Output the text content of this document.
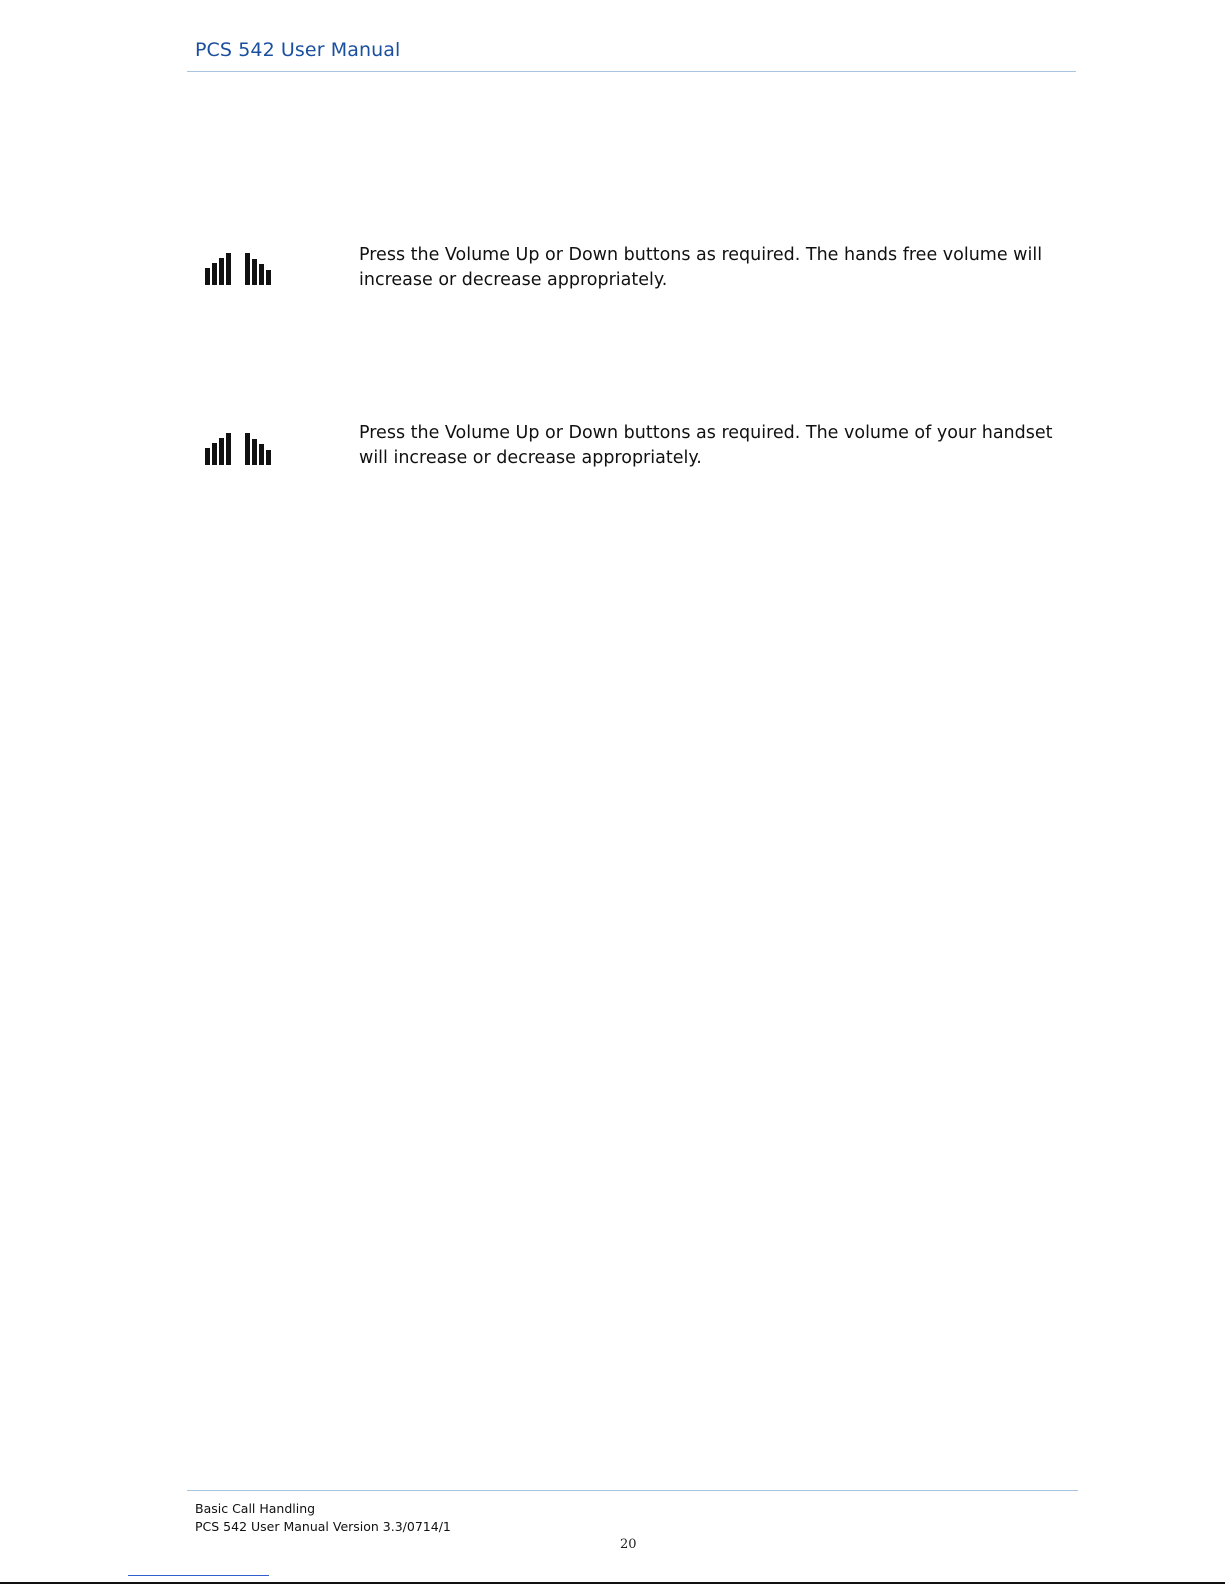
PCS 542 User Manual
Press the Volume Up or Down buttons as required. The hands free volume will increase or decrease appropriately.
Press the Volume Up or Down buttons as required. The volume of your handset will increase or decrease appropriately.
Basic Call Handling
PCS 542 User Manual Version 3.3/0714/1
20
